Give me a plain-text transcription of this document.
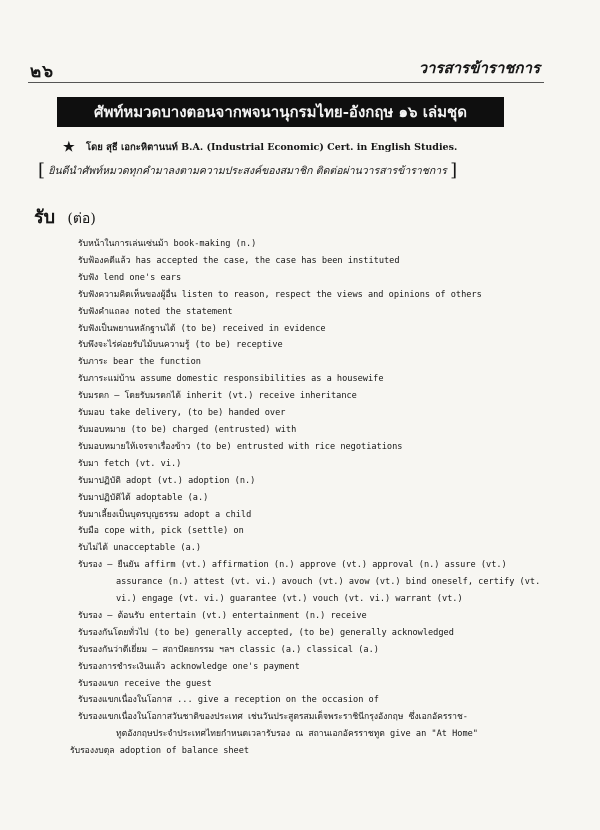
๒๖	วารสารข้าราชการ
ศัพท์หมวดบางตอนจากพจนานุกรมไทย-อังกฤษ ๑๖ เล่มชุด
★ โดย สุธี เอกะหิตานนท์ B.A. (Industrial Economic) Cert. in English Studies.
[ ยินดีนำศัพท์หมวดทุกคำมาลงตามความประสงค์ของสมาชิก ติดต่อผ่านวารสารข้าราชการ ]
รับ (ต่อ)
รับหน้าในการเล่นเซ่นม้า book-making (n.)
รับฟ้องคดีแล้ว has accepted the case, the case has been instituted
รับฟัง lend one's ears
รับฟังความคิดเห็นของผู้อื่น listen to reason, respect the views and opinions of others
รับฟังคำแถลง noted the statement
รับฟังเป็นพยานหลักฐานได้ (to be) received in evidence
รับพึงจะไร่ค่อยรับไม้บนความรู้ (to be) receptive
รับภาระ bear the function
รับภาระแม่บ้าน assume domestic responsibilities as a housewife
รับมรดก — โดยรับมรดกได้ inherit (vt.) receive inheritance
รับมอบ take delivery, (to be) handed over
รับมอบหมาย (to be) charged (entrusted) with
รับมอบหมายให้เจรจาเรื่องข้าว (to be) entrusted with rice negotiations
รับมา fetch (vt. vi.)
รับมาปฏิบัติ adopt (vt.) adoption (n.)
รับมาปฏิบัติได้ adoptable (a.)
รับมาเลี้ยงเป็นบุตรบุญธรรม adopt a child
รับมือ cope with, pick (settle) on
รับไม่ได้ unacceptable (a.)
รับรอง — ยืนยัน affirm (vt.) affirmation (n.) approve (vt.) approval (n.) assure (vt.)
assurance (n.) attest (vt. vi.) avouch (vt.) avow (vt.) bind oneself, certify (vt.
vi.) engage (vt. vi.) guarantee (vt.) vouch (vt. vi.) warrant (vt.)
รับรอง — ต้อนรับ entertain (vt.) entertainment (n.) receive
รับรองกันโดยทั่วไป (to be) generally accepted, (to be) generally acknowledged
รับรองกันว่าดีเยี่ยม — สถาปัตยกรรม ฯลฯ classic (a.) classical (a.)
รับรองการชำระเงินแล้ว acknowledge one's payment
รับรองแขก receive the guest
รับรองแขกเนื่องในโอกาส ... give a reception on the occasion of
รับรองแขกเนื่องในโอกาสวันชาติของประเทศ เช่นวันประสูตรสมเด็จพระราชินีกรุงอังกฤษ ซึ่งเอกอัครราช-
ทูตอังกฤษประจำประเทศไทยกำหนดเวลารับรอง ณ สถานเอกอัครราชทูต give an "At Home"
รับรองงบดุล adoption of balance sheet
